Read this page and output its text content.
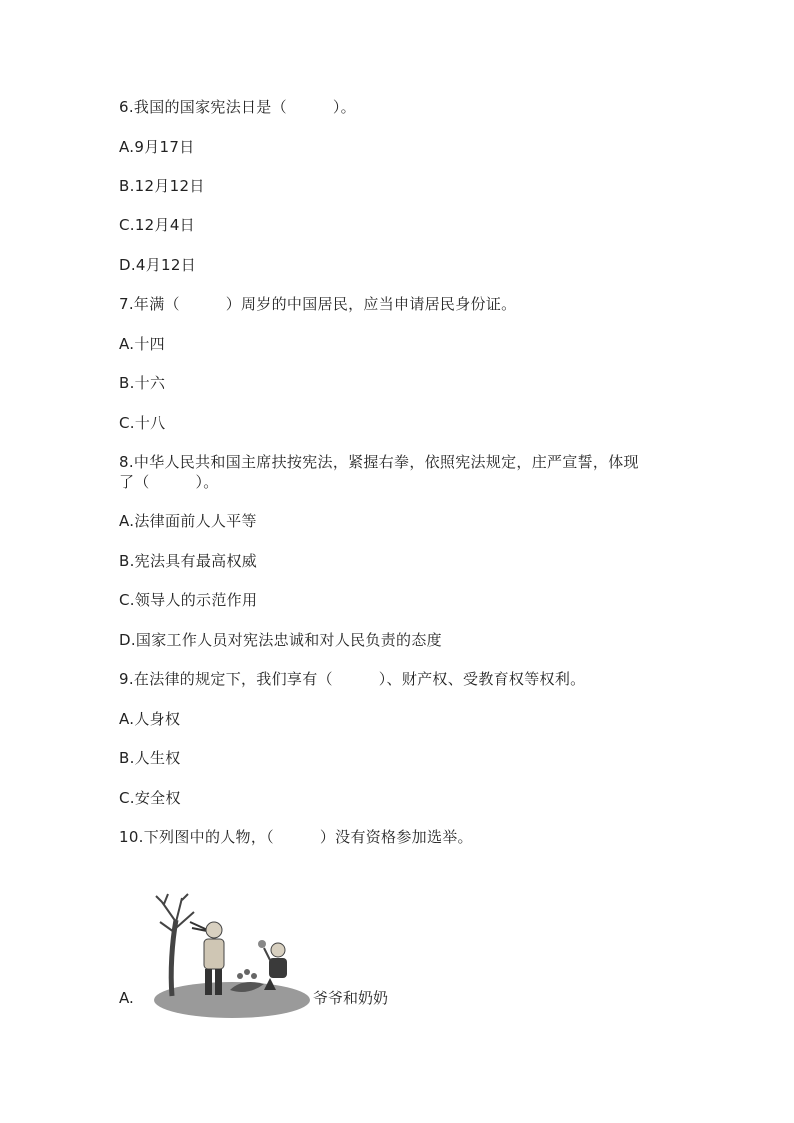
6.我国的国家宪法日是（　　　）。
A.9月17日
B.12月12日
C.12月4日
D.4月12日
7.年满（　　　）周岁的中国居民，应当申请居民身份证。
A.十四
B.十六
C.十八
8.中华人民共和国主席扶按宪法，紧握右拳，依照宪法规定，庄严宣誓，体现
了（　　　）。
A.法律面前人人平等
B.宪法具有最高权威
C.领导人的示范作用
D.国家工作人员对宪法忠诚和对人民负责的态度
9.在法律的规定下，我们享有（　　　）、财产权、受教育权等权利。
A.人身权
B.人生权
C.安全权
10.下列图中的人物，（　　　）没有资格参加选举。
A.	爷爷和奶奶
